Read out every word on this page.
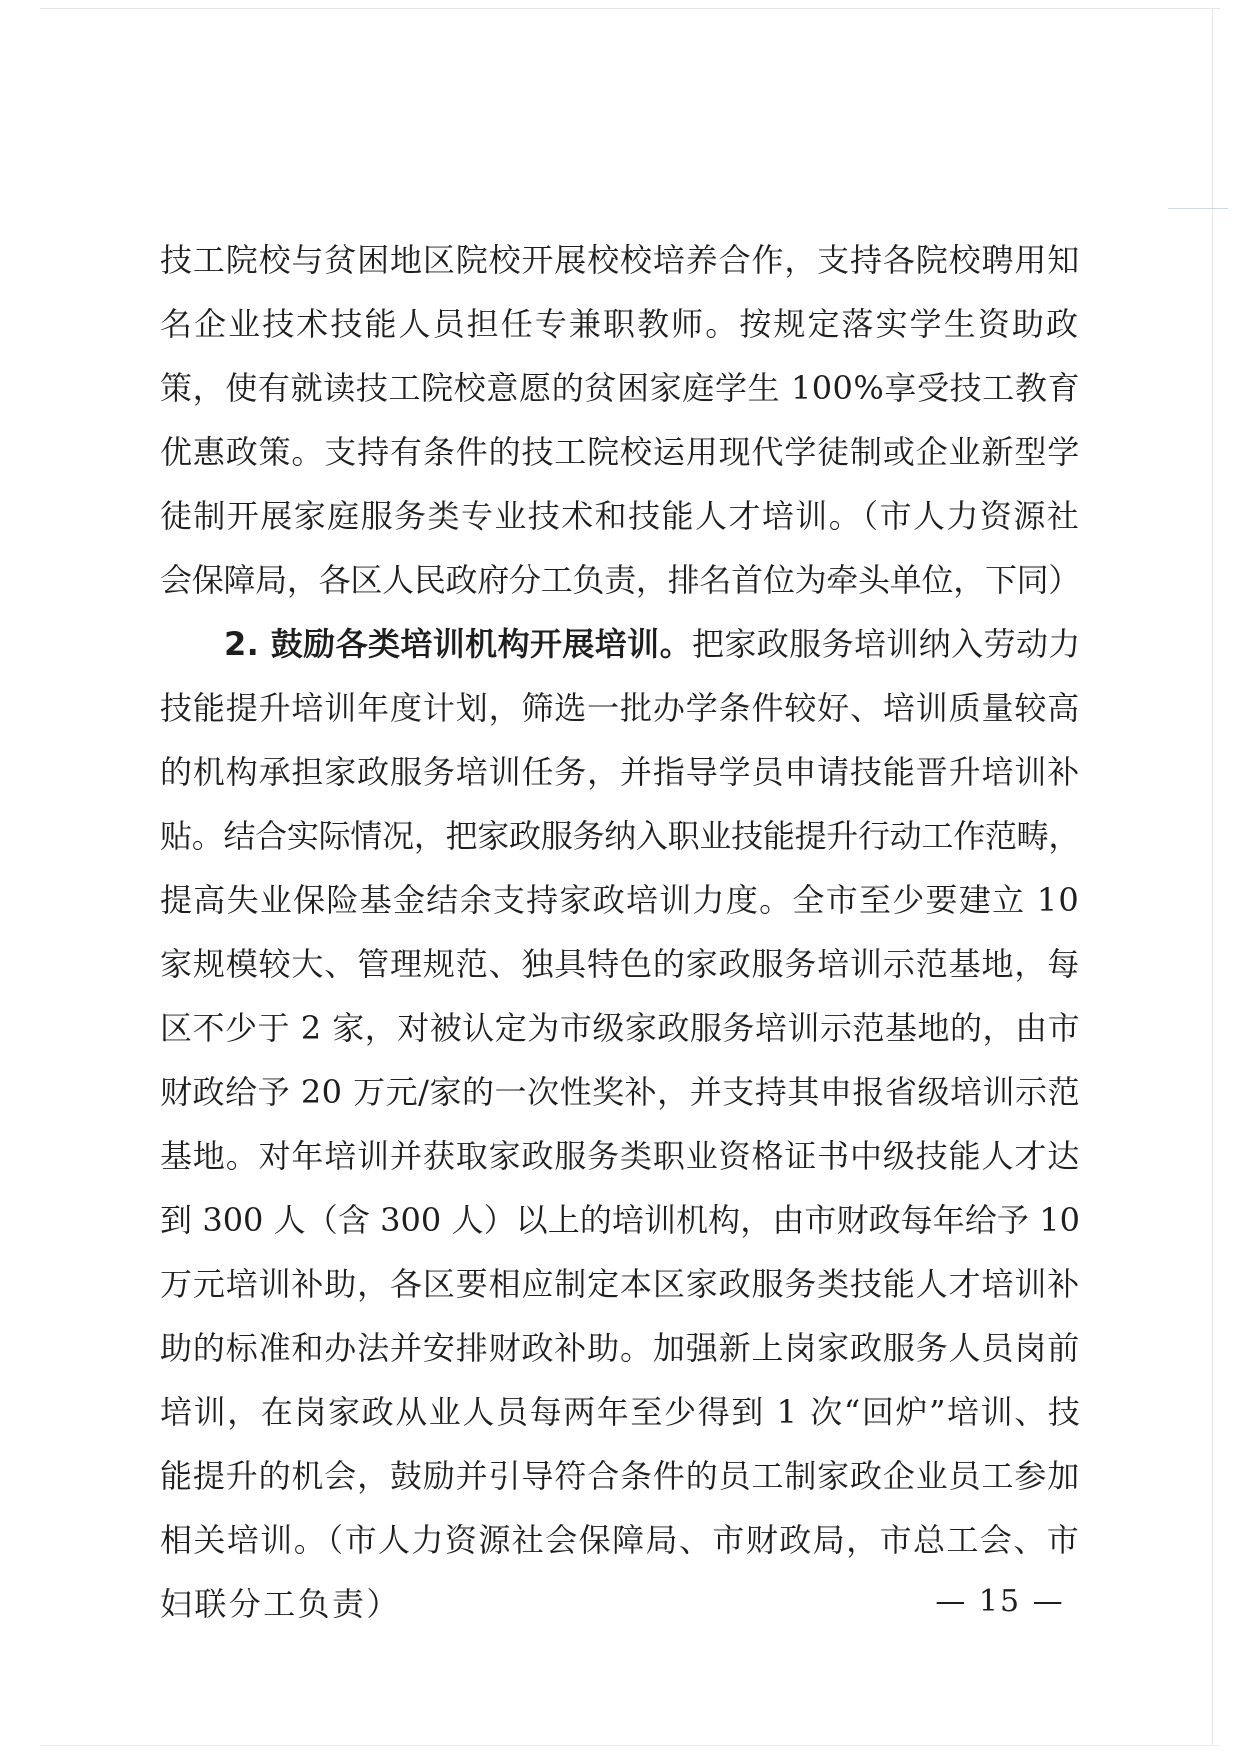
技工院校与贫困地区院校开展校校培养合作，支持各院校聘用知
名企业技术技能人员担任专兼职教师。按规定落实学生资助政
策，使有就读技工院校意愿的贫困家庭学生 100%享受技工教育
优惠政策。支持有条件的技工院校运用现代学徒制或企业新型学
徒制开展家庭服务类专业技术和技能人才培训。（市人力资源社
会保障局，各区人民政府分工负责，排名首位为牵头单位，下同）
2. 鼓励各类培训机构开展培训。把家政服务培训纳入劳动力
技能提升培训年度计划，筛选一批办学条件较好、培训质量较高
的机构承担家政服务培训任务，并指导学员申请技能晋升培训补
贴。结合实际情况，把家政服务纳入职业技能提升行动工作范畴，
提高失业保险基金结余支持家政培训力度。全市至少要建立 10
家规模较大、管理规范、独具特色的家政服务培训示范基地，每
区不少于 2 家，对被认定为市级家政服务培训示范基地的，由市
财政给予 20 万元/家的一次性奖补，并支持其申报省级培训示范
基地。对年培训并获取家政服务类职业资格证书中级技能人才达
到 300 人（含 300 人）以上的培训机构，由市财政每年给予 10
万元培训补助，各区要相应制定本区家政服务类技能人才培训补
助的标准和办法并安排财政补助。加强新上岗家政服务人员岗前
培训，在岗家政从业人员每两年至少得到 1 次“回炉”培训、技
能提升的机会，鼓励并引导符合条件的员工制家政企业员工参加
相关培训。（市人力资源社会保障局、市财政局，市总工会、市
妇联分工负责）	— 15 —
